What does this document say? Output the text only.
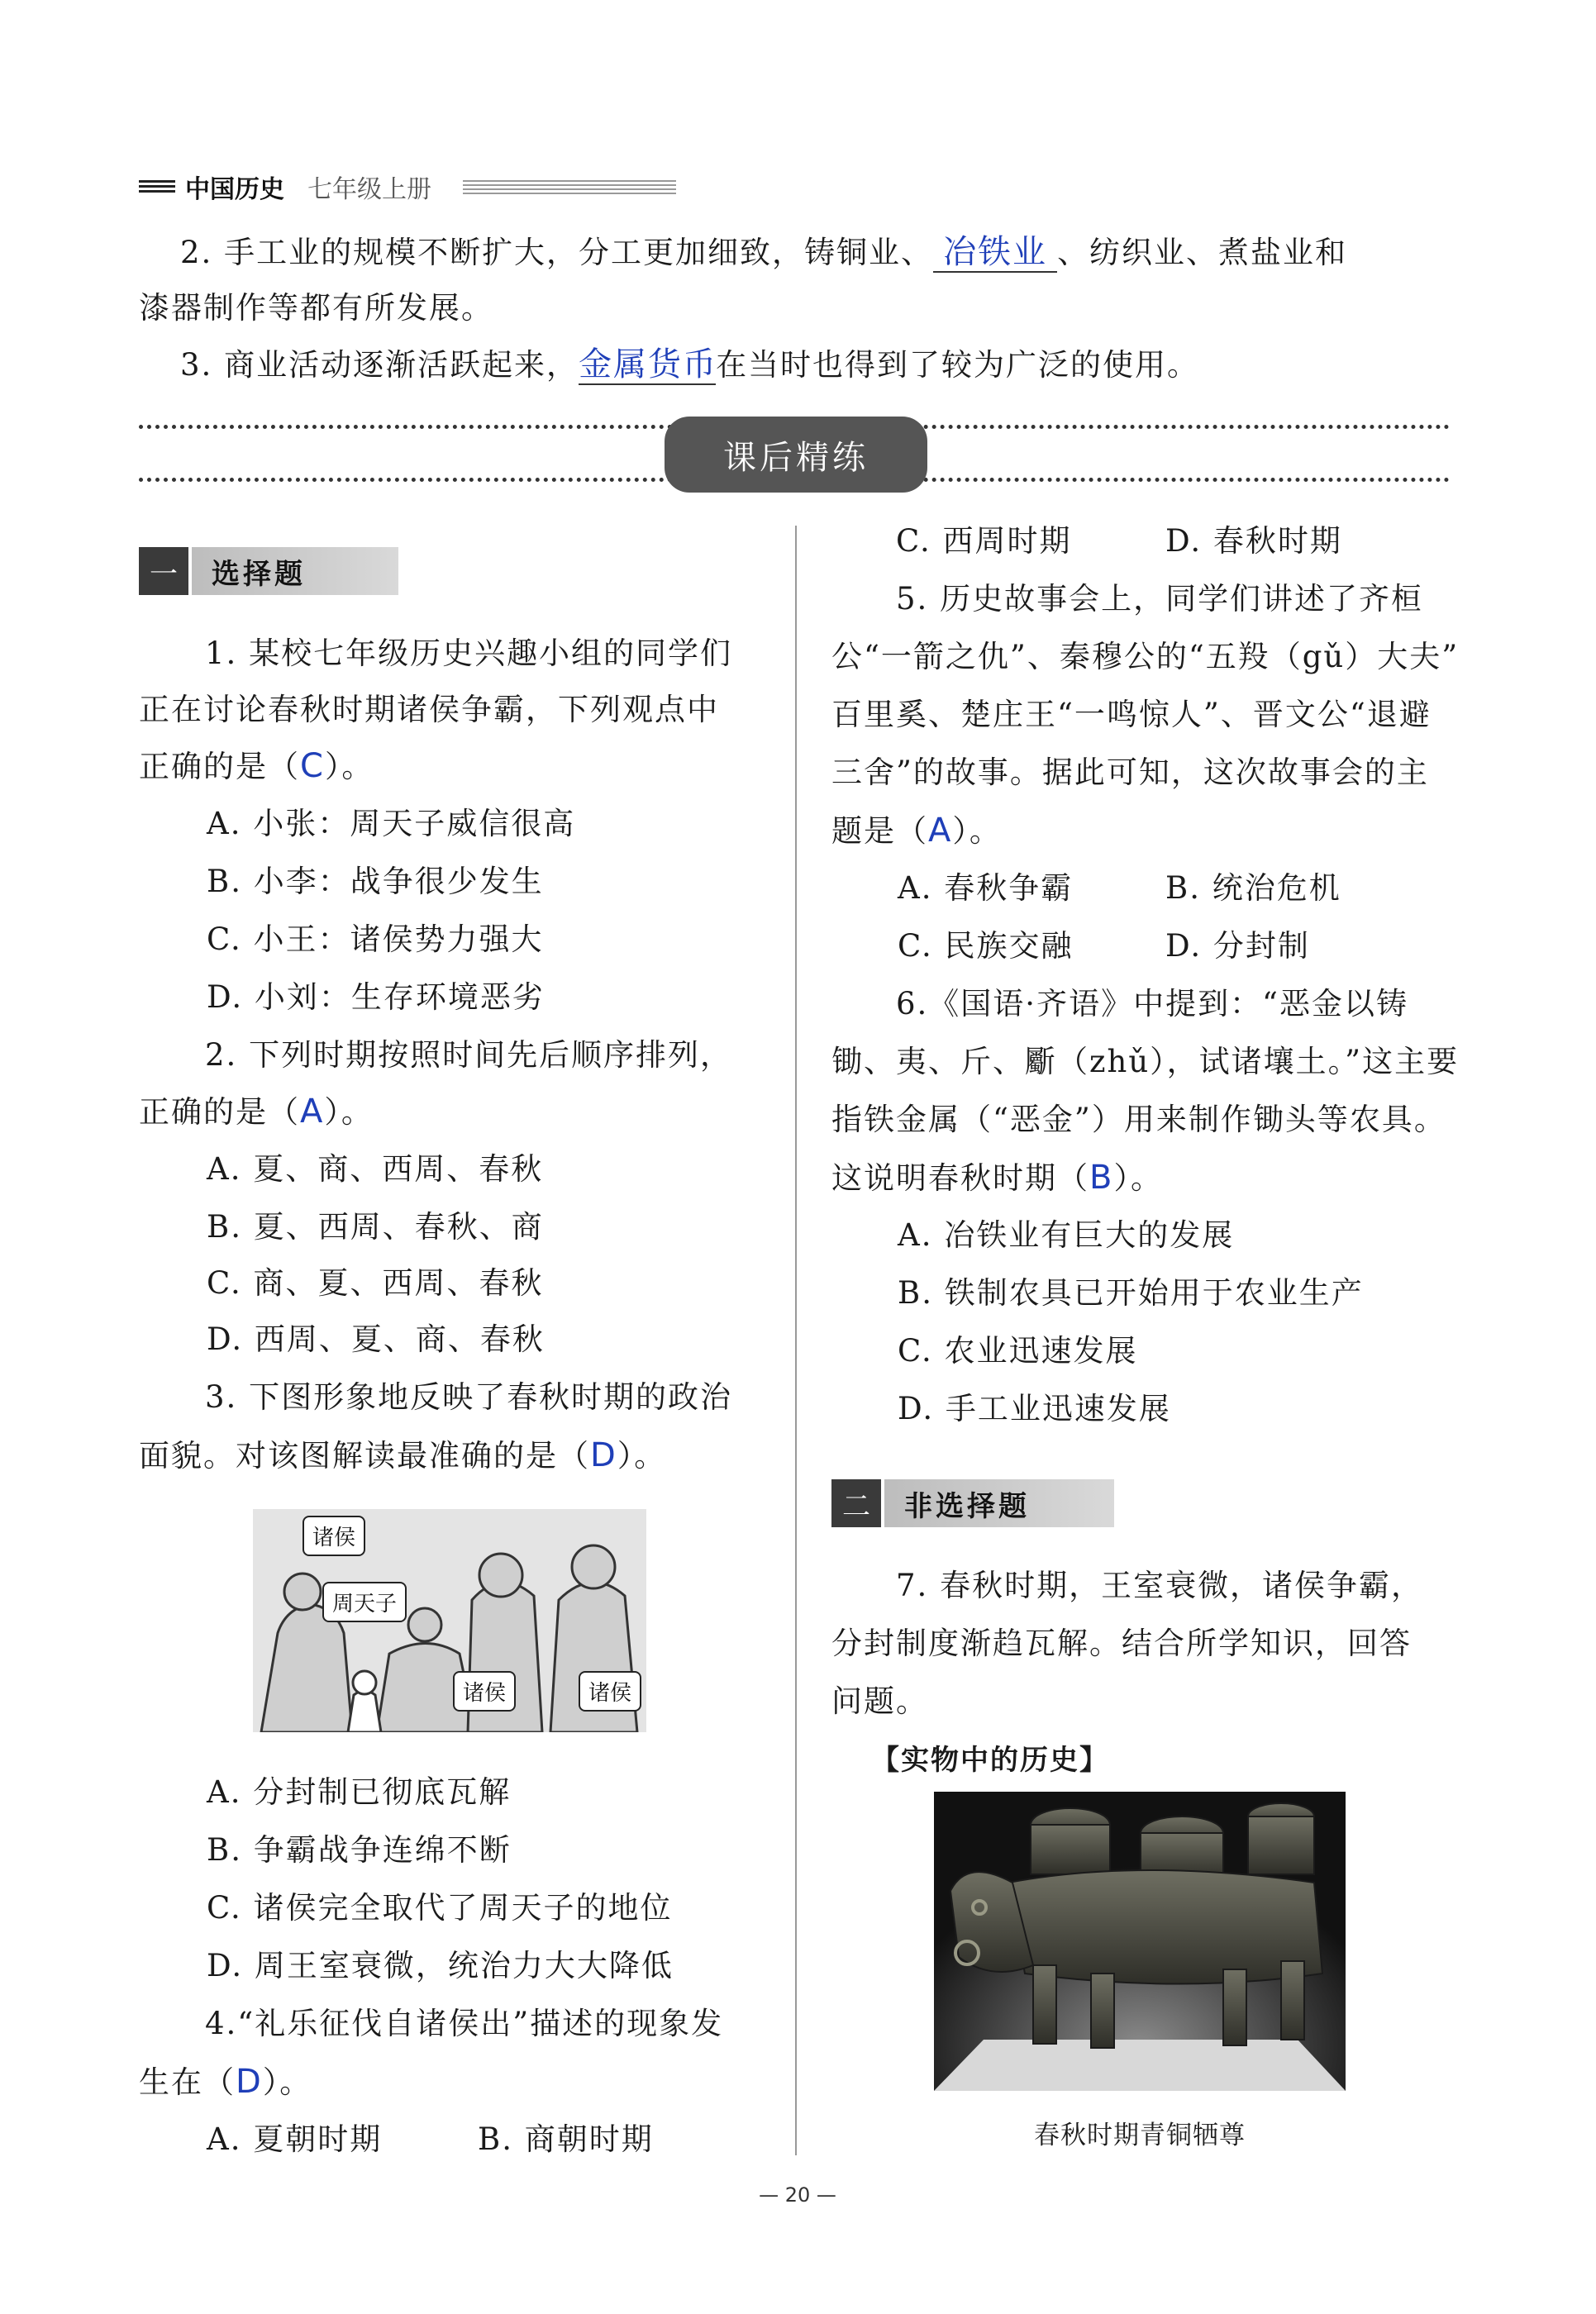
中国历史 七年级上册
2. 手工业的规模不断扩大，分工更加细致，铸铜业、 冶铁业 、纺织业、煮盐业和
漆器制作等都有所发展。
3. 商业活动逐渐活跃起来，金属货币在当时也得到了较为广泛的使用。
课后精练
一	选择题
1. 某校七年级历史兴趣小组的同学们
正在讨论春秋时期诸侯争霸，下列观点中
正确的是（C）。
A. 小张：周天子威信很高
B. 小李：战争很少发生
C. 小王：诸侯势力强大
D. 小刘：生存环境恶劣
2. 下列时期按照时间先后顺序排列，
正确的是（A）。
A. 夏、商、西周、春秋
B. 夏、西周、春秋、商
C. 商、夏、西周、春秋
D. 西周、夏、商、春秋
3. 下图形象地反映了春秋时期的政治
面貌。对该图解读最准确的是（D）。
诸侯
周天子
诸侯	诸侯
A. 分封制已彻底瓦解
B. 争霸战争连绵不断
C. 诸侯完全取代了周天子的地位
D. 周王室衰微，统治力大大降低
4.“礼乐征伐自诸侯出”描述的现象发
生在（D）。
A. 夏朝时期	B. 商朝时期
C. 西周时期	D. 春秋时期
5. 历史故事会上，同学们讲述了齐桓
公“一箭之仇”、秦穆公的“五羖（gǔ）大夫”
百里奚、楚庄王“一鸣惊人”、晋文公“退避
三舍”的故事。据此可知，这次故事会的主
题是（A）。
A. 春秋争霸	B. 统治危机
C. 民族交融	D. 分封制
6.《国语·齐语》中提到：“恶金以铸
锄、夷、斤、斸（zhǔ），试诸壤土。”这主要
指铁金属（“恶金”）用来制作锄头等农具。
这说明春秋时期（B）。
A. 冶铁业有巨大的发展
B. 铁制农具已开始用于农业生产
C. 农业迅速发展
D. 手工业迅速发展
二	非选择题
7. 春秋时期，王室衰微，诸侯争霸，
分封制度渐趋瓦解。结合所学知识，回答
问题。
【实物中的历史】
春秋时期青铜牺尊
— 20 —
